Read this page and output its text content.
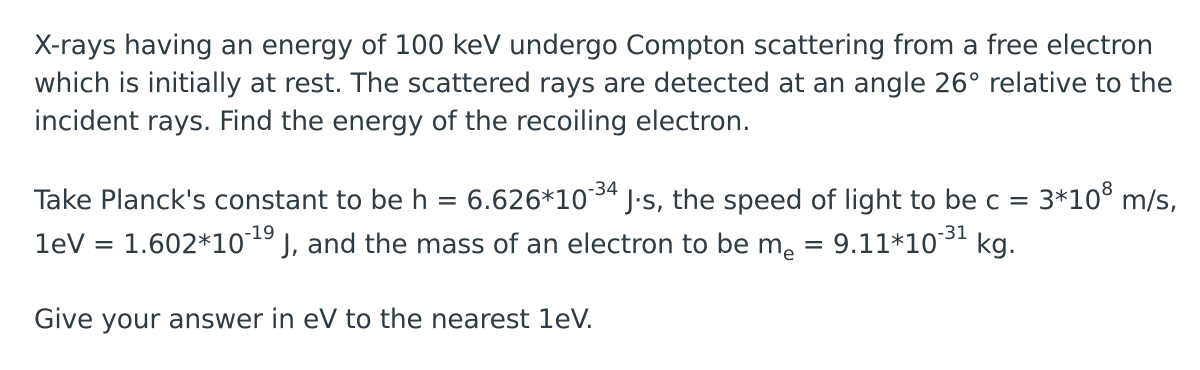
X-rays having an energy of 100 keV undergo Compton scattering from a free electron which is initially at rest. The scattered rays are detected at an angle 26° relative to the incident rays. Find the energy of the recoiling electron.

Take Planck's constant to be $h = 6.626*10^{-34}$ J·s, the speed of light to be $c = 3*10^8$ m/s, $1eV = 1.602*10^{-19}$ J, and the mass of an electron to be $m_e = 9.11*10^{-31}$ kg.

Give your answer in eV to the nearest 1eV.
